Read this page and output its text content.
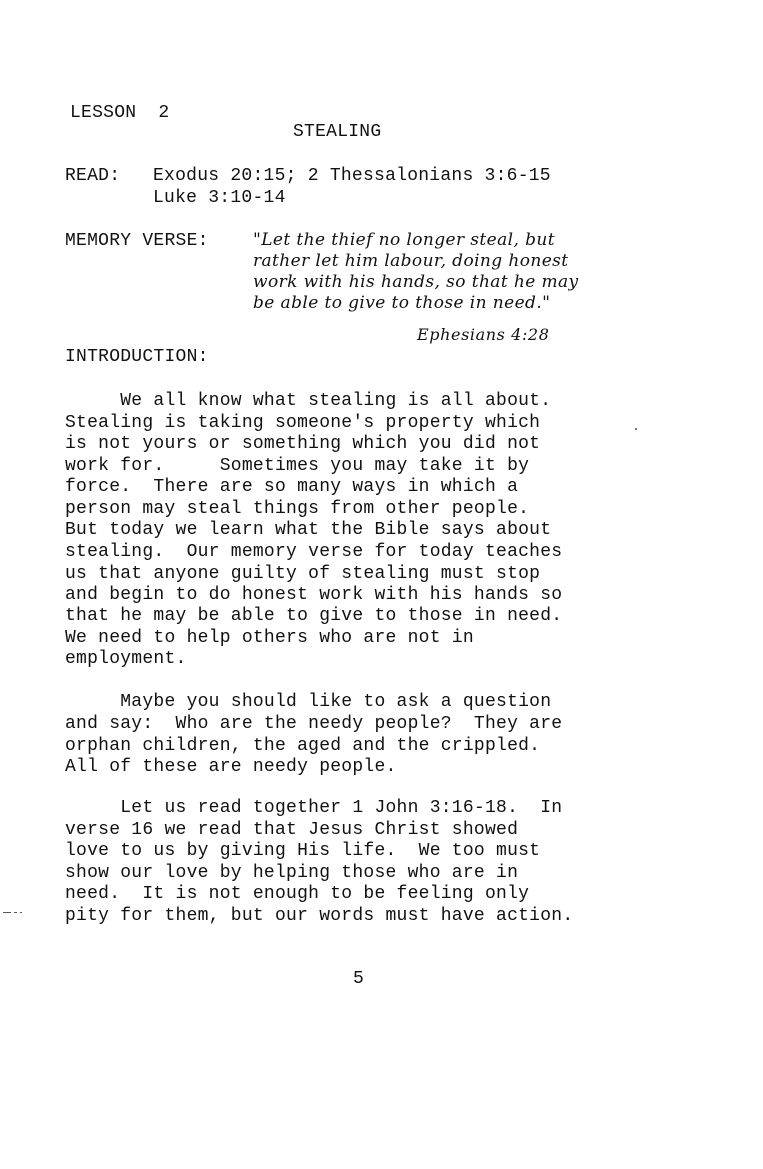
LESSON  2
STEALING
READ: Exodus 20:15; 2 Thessalonians 3:6-15
Luke 3:10-14
MEMORY VERSE:	"Let the thief no longer steal, but
rather let him labour, doing honest
work with his hands, so that he may
be able to give to those in need."
Ephesians 4:28
INTRODUCTION:
We all know what stealing is all about.
Stealing is taking someone's property which
is not yours or something which you did not
work for.     Sometimes you may take it by
force.  There are so many ways in which a
person may steal things from other people.
But today we learn what the Bible says about
stealing.  Our memory verse for today teaches
us that anyone guilty of stealing must stop
and begin to do honest work with his hands so
that he may be able to give to those in need.
We need to help others who are not in
employment.
Maybe you should like to ask a question
and say:  Who are the needy people?  They are
orphan children, the aged and the crippled.
All of these are needy people.
Let us read together 1 John 3:16-18.  In
verse 16 we read that Jesus Christ showed
love to us by giving His life.  We too must
show our love by helping those who are in
need.  It is not enough to be feeling only
pity for them, but our words must have action.
5
